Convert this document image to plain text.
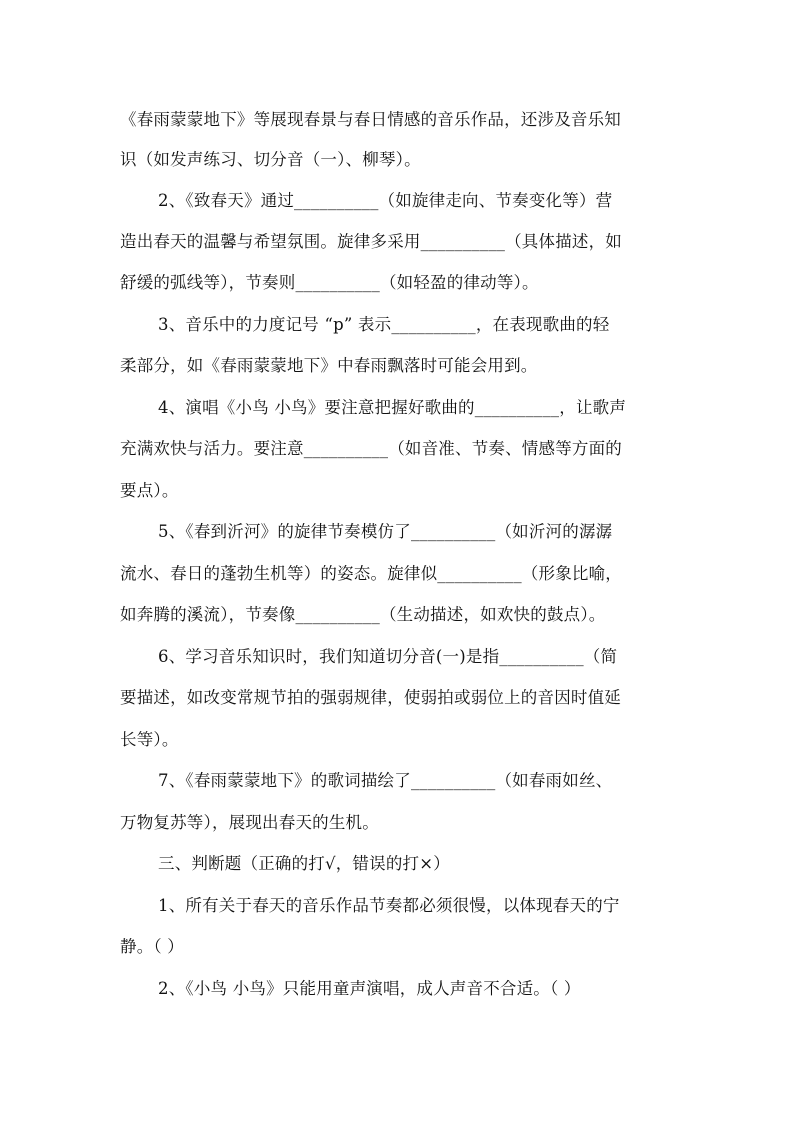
《春雨蒙蒙地下》等展现春景与春日情感的音乐作品，还涉及音乐知
识（如发声练习、切分音（一）、柳琴）。
2、《致春天》通过__________（如旋律走向、节奏变化等）营
造出春天的温馨与希望氛围。旋律多采用__________（具体描述，如
舒缓的弧线等），节奏则__________（如轻盈的律动等）。
3、音乐中的力度记号 “p” 表示__________，在表现歌曲的轻
柔部分，如《春雨蒙蒙地下》中春雨飘落时可能会用到。
4、演唱《小鸟 小鸟》要注意把握好歌曲的__________，让歌声
充满欢快与活力。要注意__________（如音准、节奏、情感等方面的
要点）。
5、《春到沂河》的旋律节奏模仿了__________（如沂河的潺潺
流水、春日的蓬勃生机等）的姿态。旋律似__________（形象比喻，
如奔腾的溪流），节奏像__________（生动描述，如欢快的鼓点）。
6、学习音乐知识时，我们知道切分音(一)是指__________（简
要描述，如改变常规节拍的强弱规律，使弱拍或弱位上的音因时值延
长等）。
7、《春雨蒙蒙地下》的歌词描绘了__________（如春雨如丝、
万物复苏等），展现出春天的生机。
三、判断题（正确的打√，错误的打×）
1、所有关于春天的音乐作品节奏都必须很慢，以体现春天的宁
静。（ ）
2、《小鸟 小鸟》只能用童声演唱，成人声音不合适。（ ）
